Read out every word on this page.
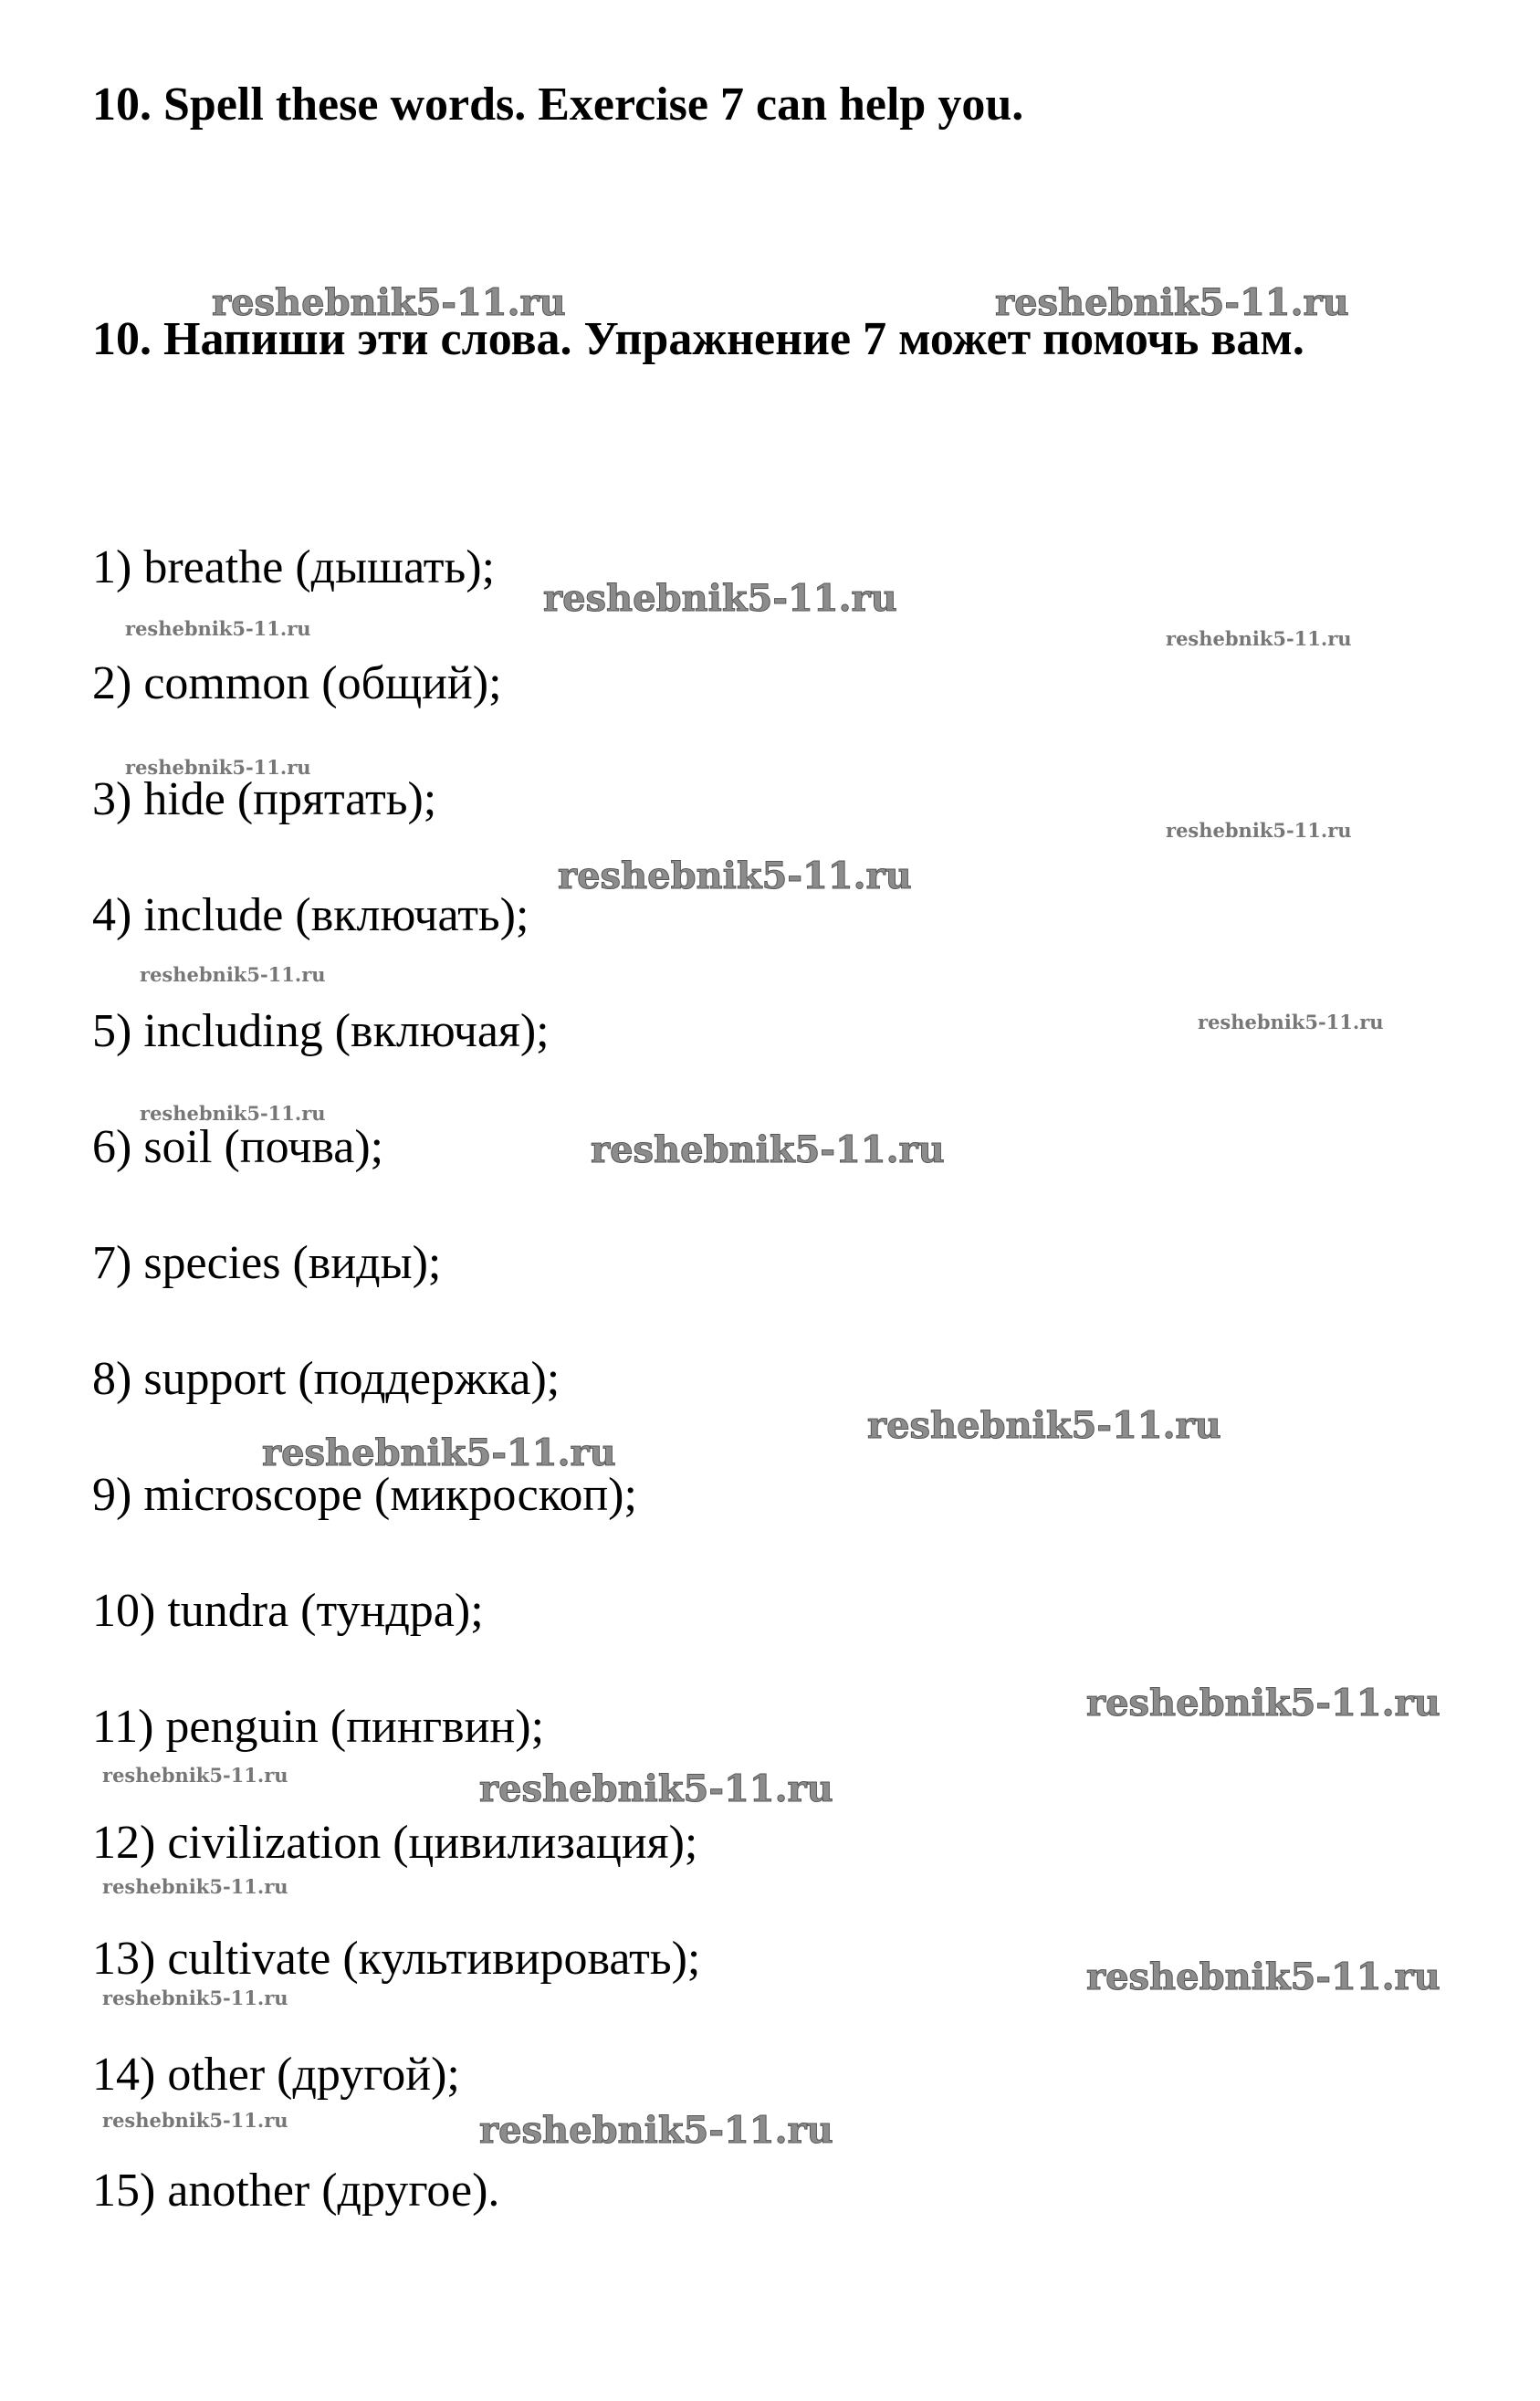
10. Spell these words. Exercise 7 can help you.
10. Напиши эти слова. Упражнение 7 может помочь вам.
1) breathe (дышать);
2) common (общий);
3) hide (прятать);
4) include (включать);
5) including (включая);
6) soil (почва);
7) species (виды);
8) support (поддержка);
9) microscope (микроскоп);
10) tundra (тундра);
11) penguin (пингвин);
12) civilization (цивилизация);
13) cultivate (культивировать);
14) other (другой);
15) another (другое).
reshebnik5-11.ru	reshebnik5-11.ru
reshebnik5-11.ru
reshebnik5-11.ru	reshebnik5-11.ru
reshebnik5-11.ru
reshebnik5-11.ru
reshebnik5-11.ru
reshebnik5-11.ru
reshebnik5-11.ru
reshebnik5-11.ru
reshebnik5-11.ru
reshebnik5-11.ru
reshebnik5-11.ru
reshebnik5-11.ru
reshebnik5-11.ru	reshebnik5-11.ru
reshebnik5-11.ru
reshebnik5-11.ru
reshebnik5-11.ru
reshebnik5-11.ru	reshebnik5-11.ru
